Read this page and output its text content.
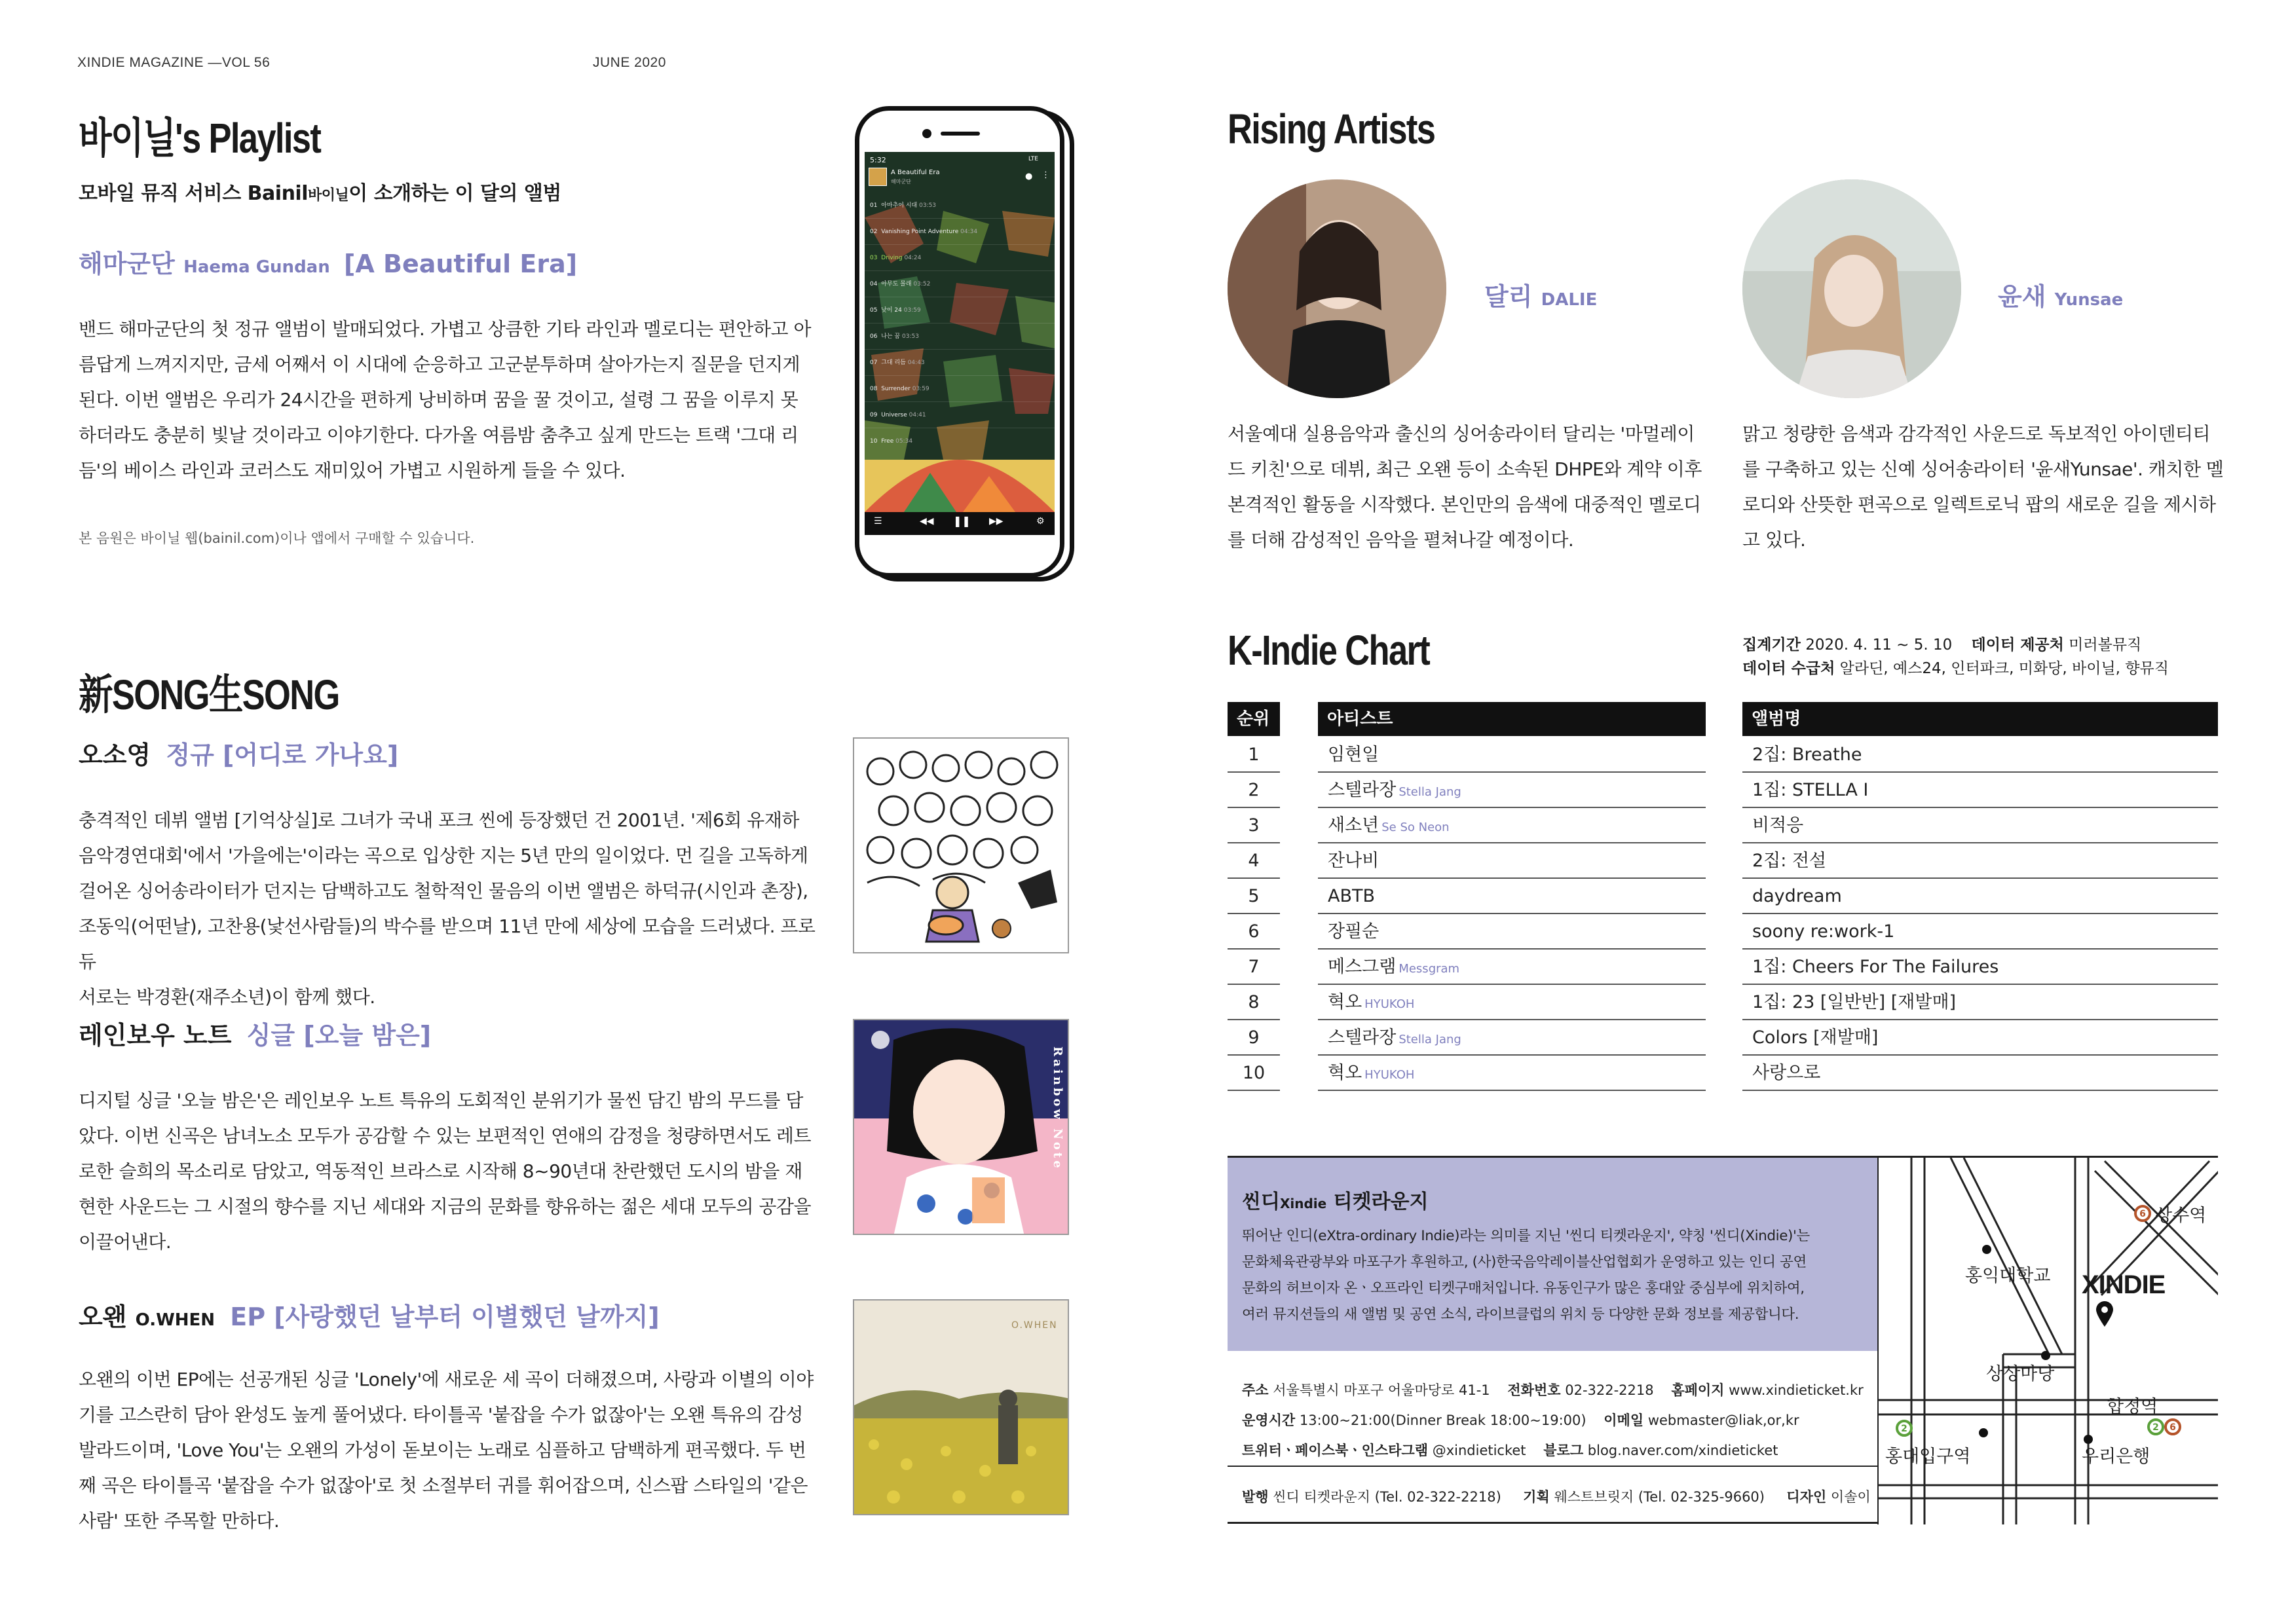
XINDIE MAGAZINE —VOL 56	JUNE 2020
바이닐's Playlist
모바일 뮤직 서비스 Bainil바이닐이 소개하는 이 달의 앨범
해마군단 Haema Gundan [A Beautiful Era]
밴드 해마군단의 첫 정규 앨범이 발매되었다. 가볍고 상큼한 기타 라인과 멜로디는 편안하고 아
름답게 느껴지지만, 금세 어째서 이 시대에 순응하고 고군분투하며 살아가는지 질문을 던지게
된다. 이번 앨범은 우리가 24시간을 편하게 낭비하며 꿈을 꿀 것이고, 설령 그 꿈을 이루지 못
하더라도 충분히 빛날 것이라고 이야기한다. 다가올 여름밤 춤추고 싶게 만드는 트랙 '그대 리
듬'의 베이스 라인과 코러스도 재미있어 가볍고 시원하게 들을 수 있다.
본 음원은 바이닐 웹(bainil.com)이나 앱에서 구매할 수 있습니다.
5:32	LTE
A Beautiful Era
해마군단
● ⋮
01 아마추어 시대 03:53
02 Vanishing Point Adventure 04:34
03 Driving 04:24
04 아무도 몰래 03:52
05 낮이 24 03:59
06 나는 꿈 03:53
07 그대 리듬 04:43
08 Surrender 03:59
09 Universe 04:41
10 Free 05:34
☰	◀◀ ❚❚ ▶▶	⚙
新SONG生SONG
오소영 정규 [어디로 가나요]
충격적인 데뷔 앨범 [기억상실]로 그녀가 국내 포크 씬에 등장했던 건 2001년. '제6회 유재하
음악경연대회'에서 '가을에는'이라는 곡으로 입상한 지는 5년 만의 일이었다. 먼 길을 고독하게
걸어온 싱어송라이터가 던지는 담백하고도 철학적인 물음의 이번 앨범은 하덕규(시인과 촌장),
조동익(어떤날), 고찬용(낯선사람들)의 박수를 받으며 11년 만에 세상에 모습을 드러냈다. 프로듀
서로는 박경환(재주소년)이 함께 했다.
레인보우 노트 싱글 [오늘 밤은]
디지털 싱글 '오늘 밤은'은 레인보우 노트 특유의 도회적인 분위기가 물씬 담긴 밤의 무드를 담
았다. 이번 신곡은 남녀노소 모두가 공감할 수 있는 보편적인 연애의 감정을 청량하면서도 레트
로한 슬희의 목소리로 담았고, 역동적인 브라스로 시작해 8~90년대 찬란했던 도시의 밤을 재
현한 사운드는 그 시절의 향수를 지닌 세대와 지금의 문화를 향유하는 젊은 세대 모두의 공감을
이끌어낸다.
Rainbow Note
오왠 O.WHEN EP [사랑했던 날부터 이별했던 날까지]
오왠의 이번 EP에는 선공개된 싱글 'Lonely'에 새로운 세 곡이 더해졌으며, 사랑과 이별의 이야
기를 고스란히 담아 완성도 높게 풀어냈다. 타이틀곡 '붙잡을 수가 없잖아'는 오왠 특유의 감성
발라드이며, 'Love You'는 오왠의 가성이 돋보이는 노래로 심플하고 담백하게 편곡했다. 두 번
째 곡은 타이틀곡 '붙잡을 수가 없잖아'로 첫 소절부터 귀를 휘어잡으며, 신스팝 스타일의 '같은
사람' 또한 주목할 만하다.
O.WHEN
Rising Artists
달리 DALIE
서울예대 실용음악과 출신의 싱어송라이터 달리는 '마멀레이
드 키친'으로 데뷔, 최근 오왠 등이 소속된 DHPE와 계약 이후
본격적인 활동을 시작했다. 본인만의 음색에 대중적인 멜로디
를 더해 감성적인 음악을 펼쳐나갈 예정이다.
윤새 Yunsae
맑고 청량한 음색과 감각적인 사운드로 독보적인 아이덴티티
를 구축하고 있는 신예 싱어송라이터 '윤새Yunsae'. 캐치한 멜
로디와 산뜻한 편곡으로 일렉트로닉 팝의 새로운 길을 제시하
고 있다.
K-Indie Chart	집계기간 2020. 4. 11 ~ 5. 10 데이터 제공처 미러볼뮤직
데이터 수급처 알라딘, 예스24, 인터파크, 미화당, 바이닐, 향뮤직
순위	아티스트	앨범명
1	임현일	2집: Breathe
2	스텔라장 Stella Jang	1집: STELLA I
3	새소년 Se So Neon	비적응
4	잔나비	2집: 전설
5	ABTB	daydream
6	장필순	soony re:work-1
7	메스그램 Messgram	1집: Cheers For The Failures
8	혁오 HYUKOH	1집: 23 [일반반] [재발매]
9	스텔라장 Stella Jang	Colors [재발매]
10	혁오 HYUKOH	사랑으로
씬디Xindie 티켓라운지
뛰어난 인디(eXtra-ordinary Indie)라는 의미를 지닌 '씬디 티켓라운지', 약칭 '씬디(Xindie)'는
문화체육관광부와 마포구가 후원하고, (사)한국음악레이블산업협회가 운영하고 있는 인디 공연
문화의 허브이자 온ㆍ오프라인 티켓구매처입니다. 유동인구가 많은 홍대앞 중심부에 위치하여,
여러 뮤지션들의 새 앨범 및 공연 소식, 라이브클럽의 위치 등 다양한 문화 정보를 제공합니다.
주소 서울특별시 마포구 어울마당로 41-1 전화번호 02-322-2218 홈페이지 www.xindieticket.kr
운영시간 13:00~21:00(Dinner Break 18:00~19:00) 이메일 webmaster@liak,or,kr
트위터ㆍ페이스북ㆍ인스타그램 @xindieticket 블로그 blog.naver.com/xindieticket
발행 씬디 티켓라운지 (Tel. 02-322-2218) 기획 웨스트브릿지 (Tel. 02-325-9660) 디자인 이솔이
6 상수역
홍익대학교 XINDIE
상상마당
합정역
2	6
2
홍대입구역	우리은행
